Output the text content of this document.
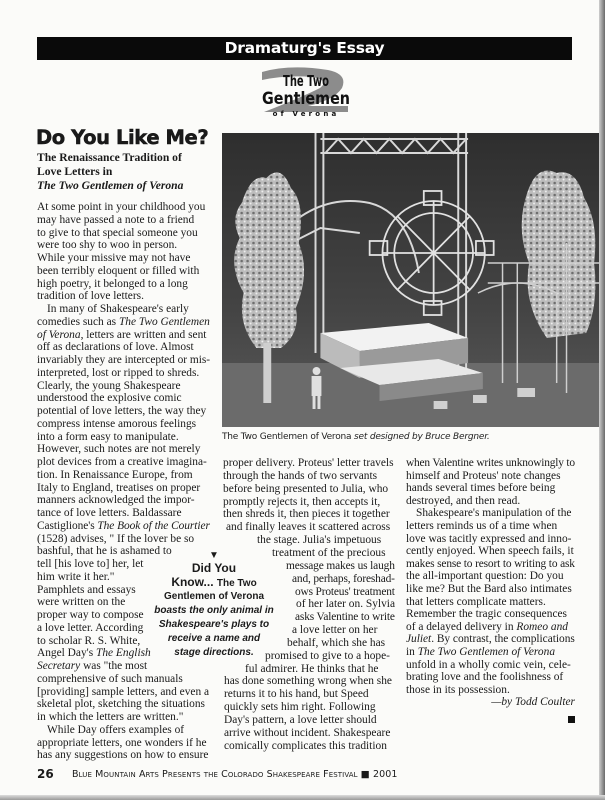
Dramaturg's Essay
The Two
Gentlemen
of Verona
Do You Like Me?
The Renaissance Tradition of
Love Letters in
The Two Gentlemen of Verona
The Two Gentlemen of Verona set designed by Bruce Bergner.
At some point in your childhood you
may have passed a note to a friend
to give to that special someone you
were too shy to woo in person.
While your missive may not have
been terribly eloquent or filled with
high poetry, it belonged to a long
tradition of love letters.
In many of Shakespeare's early
comedies such as The Two Gentlemen
of Verona, letters are written and sent
off as declarations of love. Almost
invariably they are intercepted or mis-
interpreted, lost or ripped to shreds.
Clearly, the young Shakespeare
understood the explosive comic
potential of love letters, the way they
compress intense amorous feelings
into a form easy to manipulate.
However, such notes are not merely
plot devices from a creative imagina-
tion. In Renaissance Europe, from
Italy to England, treatises on proper
manners acknowledged the impor-
tance of love letters. Baldassare
Castiglione's The Book of the Courtier
(1528) advises, " If the lover be so
bashful, that he is ashamed to
tell [his love to] her, let
him write it her."
Pamphlets and essays
were written on the
proper way to compose
a love letter. According
to scholar R. S. White,
Angel Day's The English
Secretary was "the most
comprehensive of such manuals
[providing] sample letters, and even a
skeletal plot, sketching the situations
in which the letters are written."
While Day offers examples of
appropriate letters, one wonders if he
has any suggestions on how to ensure
proper delivery. Proteus' letter travels
through the hands of two servants
before being presented to Julia, who
promptly rejects it, then accepts it,
then shreds it, then pieces it together
and finally leaves it scattered across
the stage. Julia's impetuous
treatment of the precious
message makes us laugh
and, perhaps, foreshad-
ows Proteus' treatment
of her later on. Sylvia
asks Valentine to write
a love letter on her
behalf, which she has
promised to give to a hope-
ful admirer. He thinks that he
has done something wrong when she
returns it to his hand, but Speed
quickly sets him right. Following
Day's pattern, a love letter should
arrive without incident. Shakespeare
comically complicates this tradition
when Valentine writes unknowingly to
himself and Proteus' note changes
hands several times before being
destroyed, and then read.
Shakespeare's manipulation of the
letters reminds us of a time when
love was tacitly expressed and inno-
cently enjoyed. When speech fails, it
makes sense to resort to writing to ask
the all-important question: Do you
like me? But the Bard also intimates
that letters complicate matters.
Remember the tragic consequences
of a delayed delivery in Romeo and
Juliet. By contrast, the complications
in The Two Gentlemen of Verona
unfold in a wholly comic vein, cele-
brating love and the foolishness of
those in its possession.
—by Todd Coulter
▼
Did You
Know... The Two
Gentlemen of Verona
boasts the only animal in
Shakespeare's plays to
receive a name and
stage directions.
26 Blue Mountain Arts Presents the Colorado Shakespeare Festival ■ 2001
